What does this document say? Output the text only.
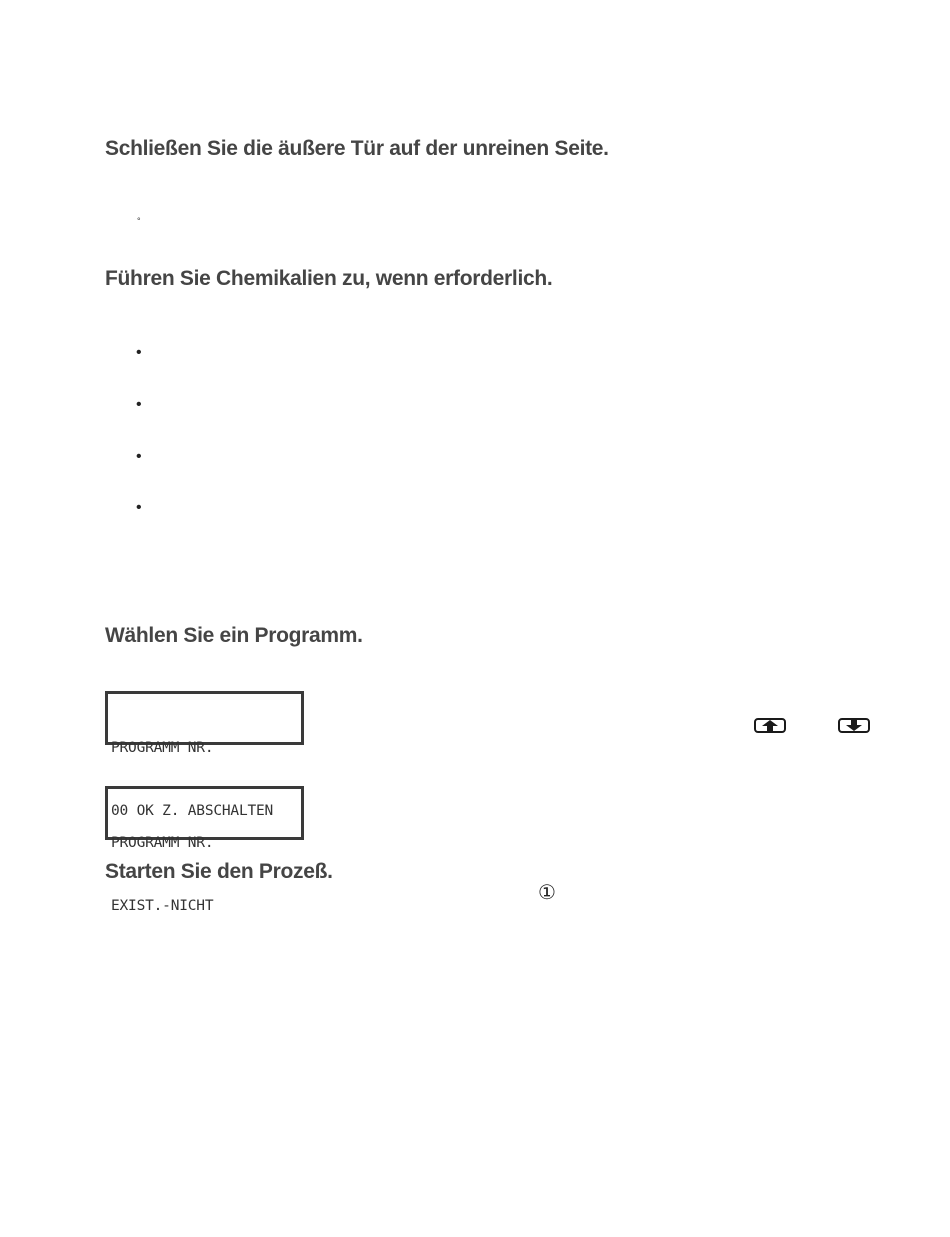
Schließen Sie die äußere Tür auf der unreinen Seite.
°
Führen Sie Chemikalien zu, wenn erforderlich.
•
•
•
•
Wählen Sie ein Programm.

PROGRAMM NR.

00 OK Z. ABSCHALTEN

PROGRAMM NR.

EXIST.-NICHT

Starten Sie den Prozeß.
①
